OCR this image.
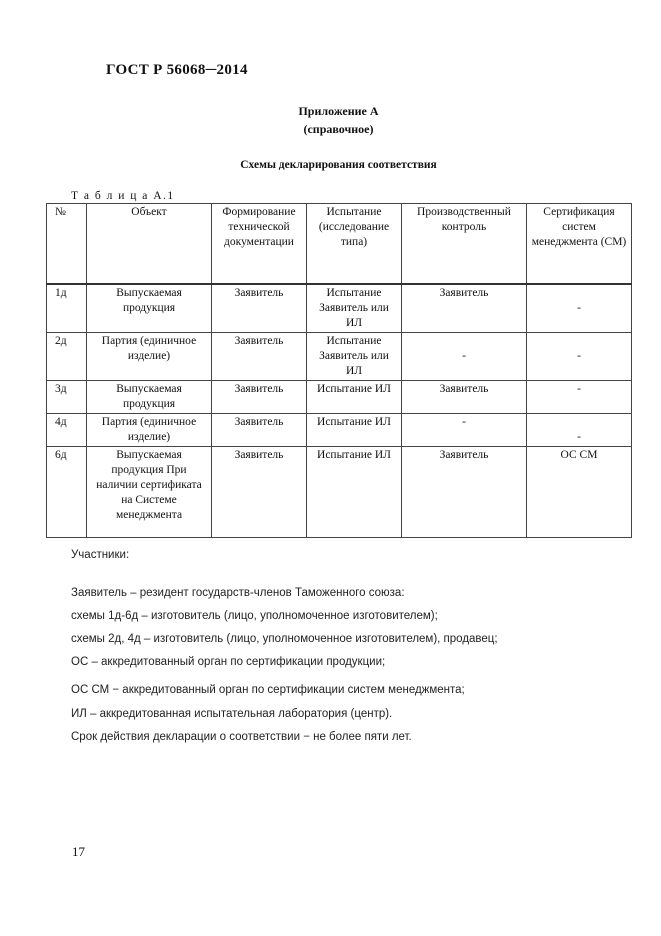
ГОСТ Р 56068─2014
Приложение А
(справочное)
Схемы декларирования соответствия
Т а б л и ц а А.1
№	Объект	Формирование технической документации	Испытание (исследование типа)	Производственный контроль	Сертификация систем менеджмента (СМ)
1д	Выпускаемая продукция	Заявитель	Испытание Заявитель или ИЛ	Заявитель	-
2д	Партия (единичное изделие)	Заявитель	Испытание Заявитель или ИЛ	-	-
3д	Выпускаемая продукция	Заявитель	Испытание ИЛ	Заявитель	-
4д	Партия (единичное изделие)	Заявитель	Испытание ИЛ	-	-
6д	Выпускаемая продукция При наличии сертификата на Системе менеджмента	Заявитель	Испытание ИЛ	Заявитель	ОС СМ
Участники:
Заявитель – резидент государств-членов Таможенного союза:
схемы 1д-6д – изготовитель (лицо, уполномоченное изготовителем);
схемы 2д, 4д – изготовитель (лицо, уполномоченное изготовителем), продавец;
ОС – аккредитованный орган по сертификации продукции;
ОС СМ − аккредитованный орган по сертификации систем менеджмента;
ИЛ – аккредитованная испытательная лаборатория (центр).
Срок действия декларации о соответствии − не более пяти лет.
17
